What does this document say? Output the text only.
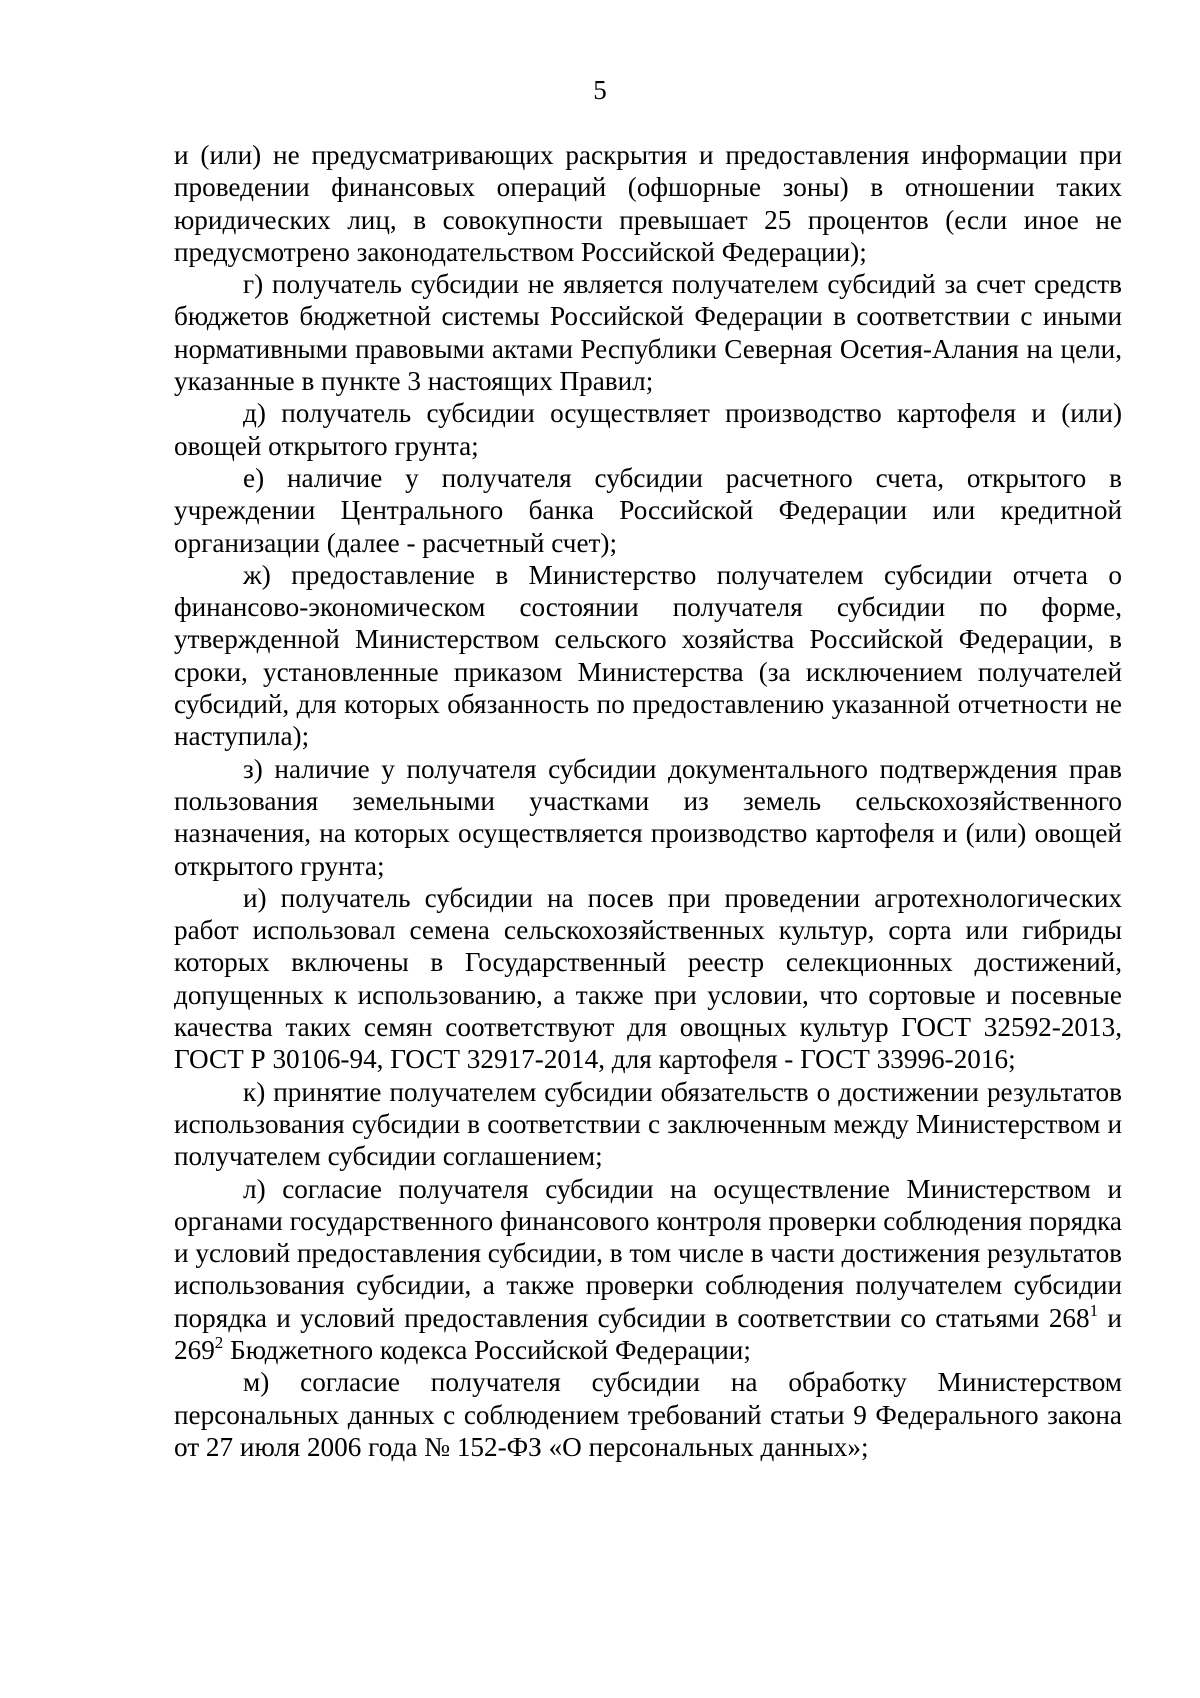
5

и (или) не предусматривающих раскрытия и предоставления информации при проведении финансовых операций (офшорные зоны) в отношении таких юридических лиц, в совокупности превышает 25 процентов (если иное не предусмотрено законодательством Российской Федерации);

г) получатель субсидии не является получателем субсидий за счет средств бюджетов бюджетной системы Российской Федерации в соответствии с иными нормативными правовыми актами Республики Северная Осетия-Алания на цели, указанные в пункте 3 настоящих Правил;

д) получатель субсидии осуществляет производство картофеля и (или) овощей открытого грунта;

е) наличие у получателя субсидии расчетного счета, открытого в учреждении Центрального банка Российской Федерации или кредитной организации (далее - расчетный счет);

ж) предоставление в Министерство получателем субсидии отчета о финансово-экономическом состоянии получателя субсидии по форме, утвержденной Министерством сельского хозяйства Российской Федерации, в сроки, установленные приказом Министерства (за исключением получателей субсидий, для которых обязанность по предоставлению указанной отчетности не наступила);

з) наличие у получателя субсидии документального подтверждения прав пользования земельными участками из земель сельскохозяйственного назначения, на которых осуществляется производство картофеля и (или) овощей открытого грунта;

и) получатель субсидии на посев при проведении агротехнологических работ использовал семена сельскохозяйственных культур, сорта или гибриды которых включены в Государственный реестр селекционных достижений, допущенных к использованию, а также при условии, что сортовые и посевные качества таких семян соответствуют для овощных культур ГОСТ 32592-2013, ГОСТ Р 30106-94, ГОСТ 32917-2014, для картофеля - ГОСТ 33996-2016;

к) принятие получателем субсидии обязательств о достижении результатов использования субсидии в соответствии с заключенным между Министерством и получателем субсидии соглашением;

л) согласие получателя субсидии на осуществление Министерством и органами государственного финансового контроля проверки соблюдения порядка и условий предоставления субсидии, в том числе в части достижения результатов использования субсидии, а также проверки соблюдения получателем субсидии порядка и условий предоставления субсидии в соответствии со статьями $268^1$ и $269^2$ Бюджетного кодекса Российской Федерации;

м) согласие получателя субсидии на обработку Министерством персональных данных с соблюдением требований статьи 9 Федерального закона от 27 июля 2006 года № 152-ФЗ «О персональных данных»;
